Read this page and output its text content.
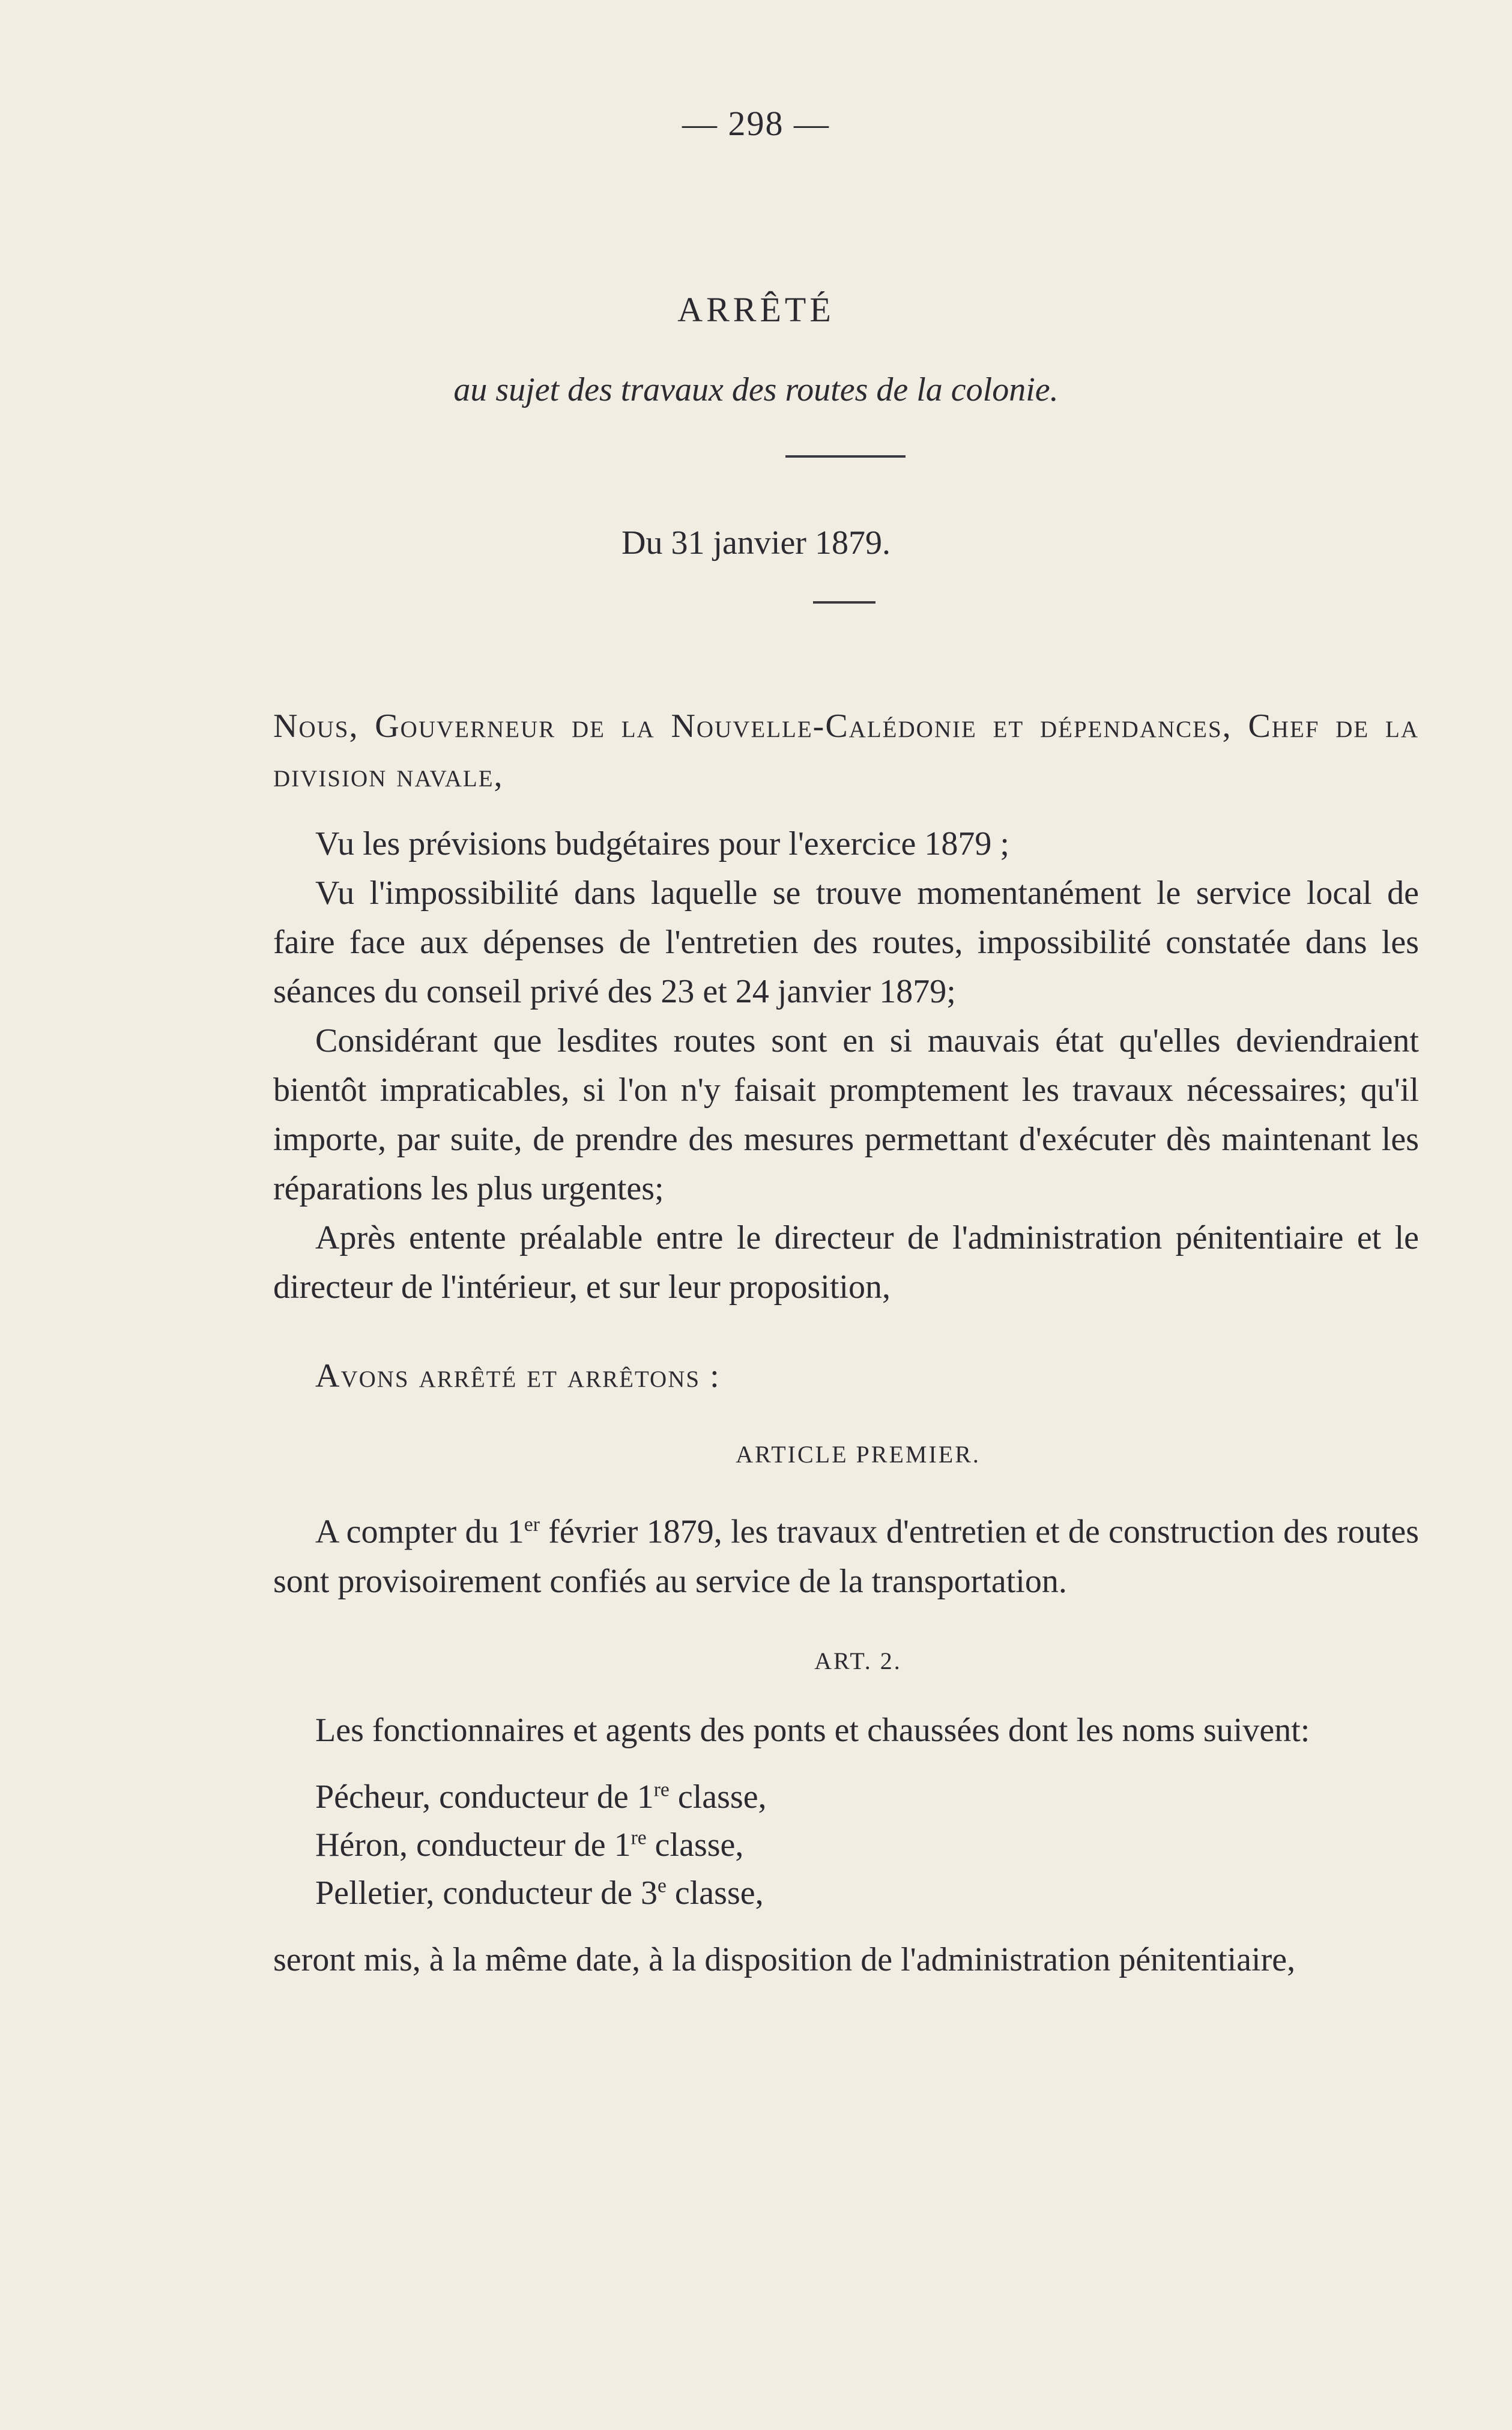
— 298 —
ARRÊTÉ
au sujet des travaux des routes de la colonie.
Du 31 janvier 1879.
Nous, Gouverneur de la Nouvelle-Calédonie et dépendances, Chef de la division navale,
Vu les prévisions budgétaires pour l'exercice 1879 ;
Vu l'impossibilité dans laquelle se trouve momentanément le service local de faire face aux dépenses de l'entretien des routes, impossibilité constatée dans les séances du conseil privé des 23 et 24 janvier 1879;
Considérant que lesdites routes sont en si mauvais état qu'elles deviendraient bientôt impraticables, si l'on n'y faisait promptement les travaux nécessaires; qu'il importe, par suite, de prendre des mesures permettant d'exécuter dès maintenant les réparations les plus urgentes;
Après entente préalable entre le directeur de l'administration pénitentiaire et le directeur de l'intérieur, et sur leur proposition,
Avons arrêté et arrêtons :
ARTICLE PREMIER.
A compter du 1er février 1879, les travaux d'entretien et de construction des routes sont provisoirement confiés au service de la transportation.
ART. 2.
Les fonctionnaires et agents des ponts et chaussées dont les noms suivent:
Pécheur, conducteur de 1re classe,
Héron, conducteur de 1re classe,
Pelletier, conducteur de 3e classe,
seront mis, à la même date, à la disposition de l'administration pénitentiaire,
